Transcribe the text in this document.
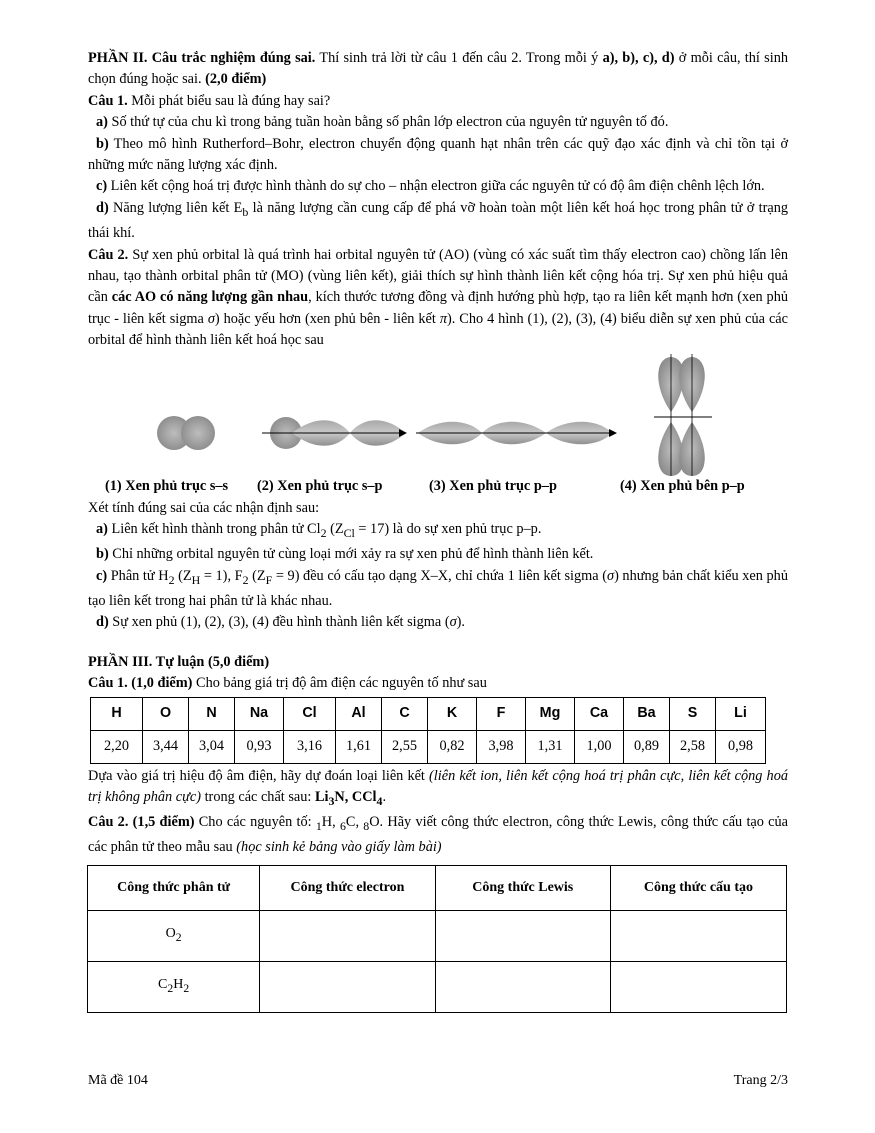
PHẦN II. Câu trắc nghiệm đúng sai. Thí sinh trả lời từ câu 1 đến câu 2. Trong mỗi ý a), b), c), d) ở mỗi câu, thí sinh chọn đúng hoặc sai. (2,0 điểm)

Câu 1. Mỗi phát biểu sau là đúng hay sai?

a) Số thứ tự của chu kì trong bảng tuần hoàn bằng số phân lớp electron của nguyên tử nguyên tố đó.

b) Theo mô hình Rutherford–Bohr, electron chuyển động quanh hạt nhân trên các quỹ đạo xác định và chỉ tồn tại ở những mức năng lượng xác định.

c) Liên kết cộng hoá trị được hình thành do sự cho – nhận electron giữa các nguyên tử có độ âm điện chênh lệch lớn.

d) Năng lượng liên kết $E_b$ là năng lượng cần cung cấp để phá vỡ hoàn toàn một liên kết hoá học trong phân tử ở trạng thái khí.

Câu 2. Sự xen phủ orbital là quá trình hai orbital nguyên tử (AO) (vùng có xác suất tìm thấy electron cao) chồng lấn lên nhau, tạo thành orbital phân tử (MO) (vùng liên kết), giải thích sự hình thành liên kết cộng hóa trị. Sự xen phủ hiệu quả cần các AO có năng lượng gần nhau, kích thước tương đồng và định hướng phù hợp, tạo ra liên kết mạnh hơn (xen phủ trục - liên kết sigma σ) hoặc yếu hơn (xen phủ bên - liên kết π). Cho 4 hình (1), (2), (3), (4) biểu diễn sự xen phủ của các orbital để hình thành liên kết hoá học sau

(1) Xen phủ trục s–s (2) Xen phủ trục s–p	(3) Xen phủ trục p–p	(4) Xen phủ bên p–p

Xét tính đúng sai của các nhận định sau:

a) Liên kết hình thành trong phân tử $Cl_2$ $(Z_{Cl} = 17)$ là do sự xen phủ trục p–p.

b) Chỉ những orbital nguyên tử cùng loại mới xảy ra sự xen phủ để hình thành liên kết.

c) Phân tử $H_2$ $(Z_H = 1)$, $F_2$ $(Z_F = 9)$ đều có cấu tạo dạng X–X, chỉ chứa 1 liên kết sigma (σ) nhưng bản chất kiểu xen phủ tạo liên kết trong hai phân tử là khác nhau.

d) Sự xen phủ (1), (2), (3), (4) đều hình thành liên kết sigma (σ).

PHẦN III. Tự luận (5,0 điểm)

Câu 1. (1,0 điểm) Cho bảng giá trị độ âm điện các nguyên tố như sau

H	O	N	Na	Cl	Al	C	K	F	Mg	Ca	Ba	S	Li
2,20	3,44	3,04	0,93	3,16	1,61	2,55	0,82	3,98	1,31	1,00	0,89	2,58	0,98

Dựa vào giá trị hiệu độ âm điện, hãy dự đoán loại liên kết (liên kết ion, liên kết cộng hoá trị phân cực, liên kết cộng hoá trị không phân cực) trong các chất sau: $Li_3N$, CCl$_4$.

Câu 2. (1,5 điểm) Cho các nguyên tố: $_1$H, $_6$C, $_8$O. Hãy viết công thức electron, công thức Lewis, công thức cấu tạo của các phân tử theo mẫu sau (học sinh kẻ bảng vào giấy làm bài)

Công thức phân tử	Công thức electron	Công thức Lewis	Công thức cấu tạo
$O_2$			
$C_2H_2$			
Mã đề 104	Trang 2/3
